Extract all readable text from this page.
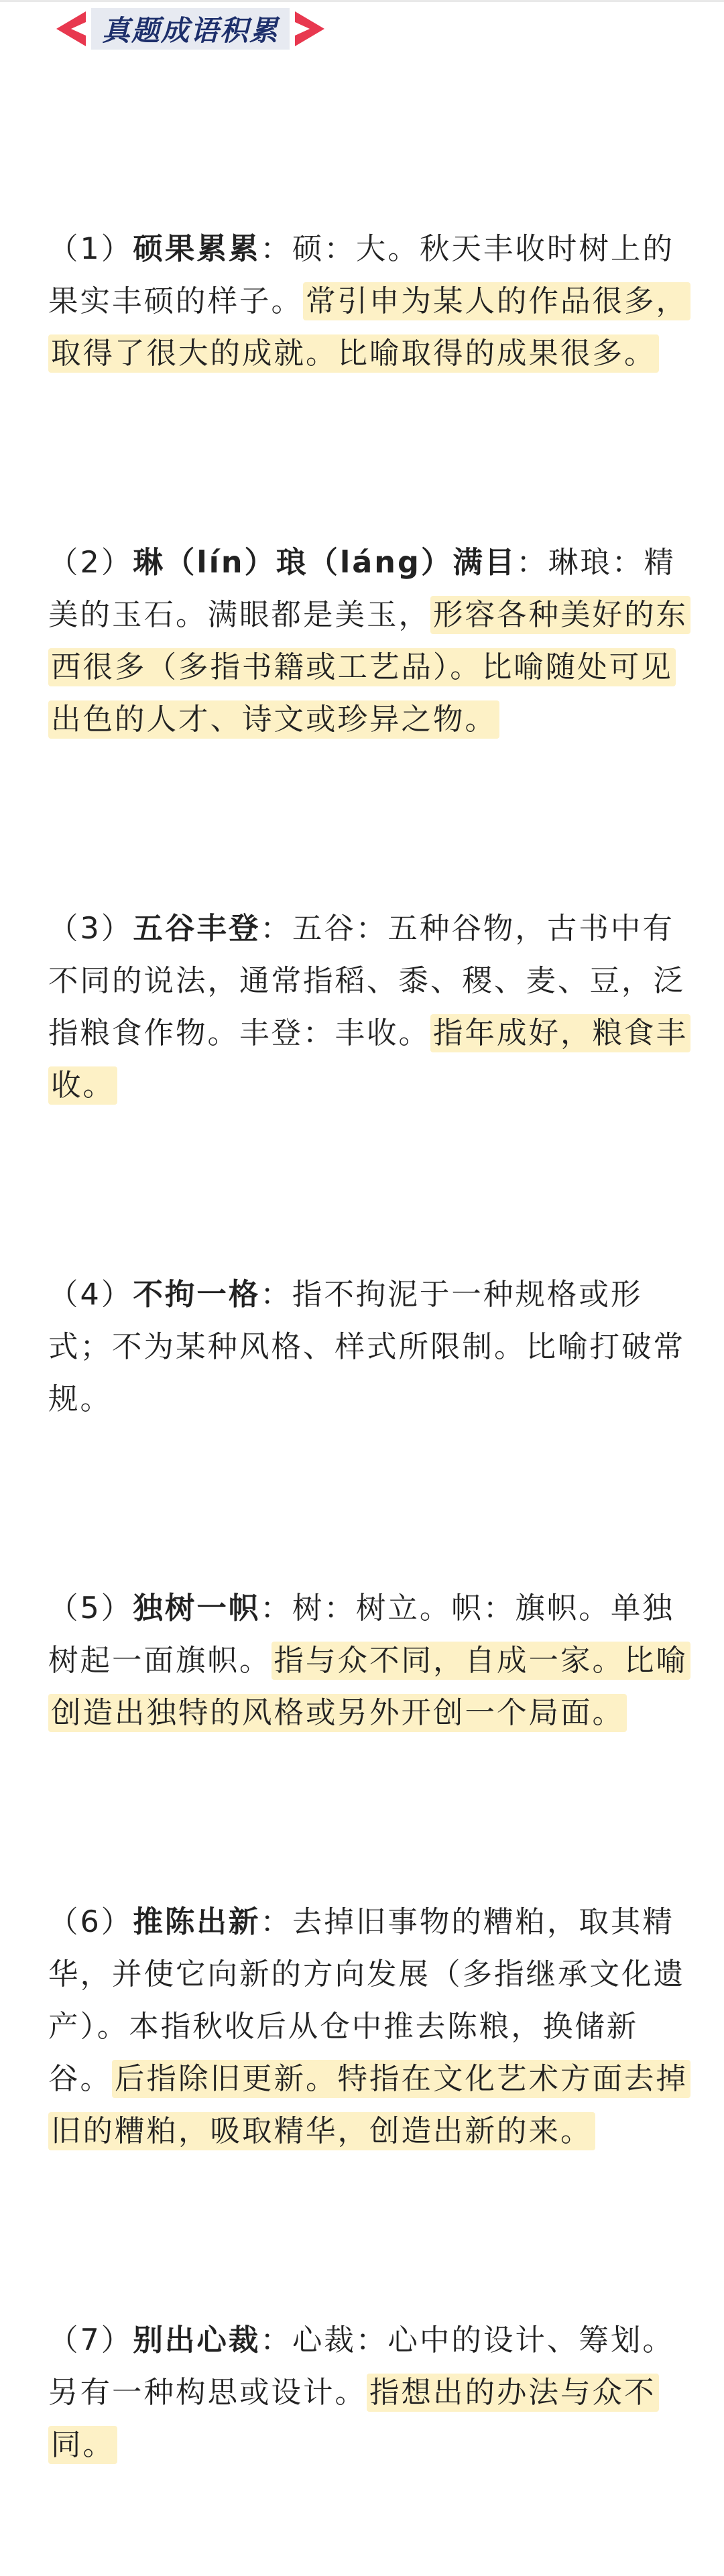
真题成语积累

（1）硕果累累：硕：大。秋天丰收时树上的果实丰硕的样子。常引申为某人的作品很多，取得了很大的成就。比喻取得的成果很多。

（2）琳（lín）琅（láng）满目：琳琅：精美的玉石。满眼都是美玉，形容各种美好的东西很多（多指书籍或工艺品）。比喻随处可见出色的人才、诗文或珍异之物。

（3）五谷丰登：五谷：五种谷物，古书中有不同的说法，通常指稻、黍、稷、麦、豆，泛指粮食作物。丰登：丰收。指年成好，粮食丰收。

（4）不拘一格：指不拘泥于一种规格或形式；不为某种风格、样式所限制。比喻打破常规。

（5）独树一帜：树：树立。帜：旗帜。单独树起一面旗帜。指与众不同，自成一家。比喻创造出独特的风格或另外开创一个局面。

（6）推陈出新：去掉旧事物的糟粕，取其精华，并使它向新的方向发展（多指继承文化遗产）。本指秋收后从仓中推去陈粮，换储新谷。后指除旧更新。特指在文化艺术方面去掉旧的糟粕，吸取精华，创造出新的来。

（7）别出心裁：心裁：心中的设计、筹划。另有一种构思或设计。指想出的办法与众不同。
